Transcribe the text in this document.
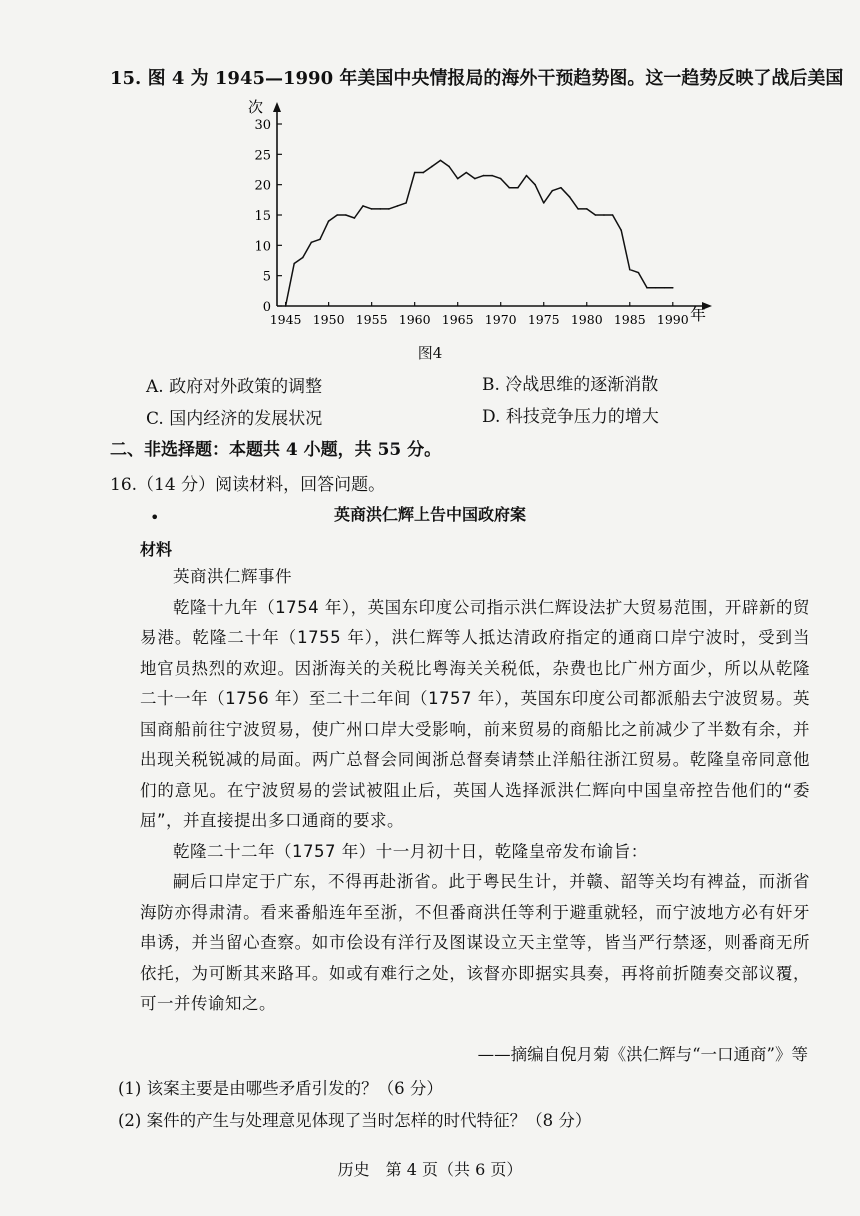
15. 图 4 为 1945—1990 年美国中央情报局的海外干预趋势图。这一趋势反映了战后美国
次
年
0
5
10
15
20
25
30
1945 1950 1955 1960 1965 1970 1975 1980 1985 1990
图4
A. 政府对外政策的调整	B. 冷战思维的逐渐消散
C. 国内经济的发展状况	D. 科技竞争压力的增大
二、非选择题：本题共 4 小题，共 55 分。
16.（14 分）阅读材料，回答问题。
英商洪仁辉上告中国政府案
•
材料

英商洪仁辉事件

乾隆十九年（1754 年），英国东印度公司指示洪仁辉设法扩大贸易范围，开辟新的贸易港。乾隆二十年（1755 年），洪仁辉等人抵达清政府指定的通商口岸宁波时，受到当地官员热烈的欢迎。因浙海关的关税比粤海关关税低，杂费也比广州方面少，所以从乾隆二十一年（1756 年）至二十二年间（1757 年），英国东印度公司都派船去宁波贸易。英国商船前往宁波贸易，使广州口岸大受影响，前来贸易的商船比之前减少了半数有余，并出现关税锐减的局面。两广总督会同闽浙总督奏请禁止洋船往浙江贸易。乾隆皇帝同意他们的意见。在宁波贸易的尝试被阻止后，英国人选择派洪仁辉向中国皇帝控告他们的“委屈”，并直接提出多口通商的要求。

乾隆二十二年（1757 年）十一月初十日，乾隆皇帝发布谕旨：

嗣后口岸定于广东，不得再赴浙省。此于粤民生计，并赣、韶等关均有裨益，而浙省海防亦得肃清。看来番船连年至浙，不但番商洪任等利于避重就轻，而宁波地方必有奸牙串诱，并当留心查察。如市侩设有洋行及图谋设立天主堂等，皆当严行禁逐，则番商无所依托，为可断其来路耳。如或有难行之处，该督亦即据实具奏，再将前折随奏交部议覆，可一并传谕知之。

——摘编自倪月菊《洪仁辉与“一口通商”》等
(1) 该案主要是由哪些矛盾引发的？（6 分）
(2) 案件的产生与处理意见体现了当时怎样的时代特征？（8 分）
历史　第 4 页（共 6 页）
